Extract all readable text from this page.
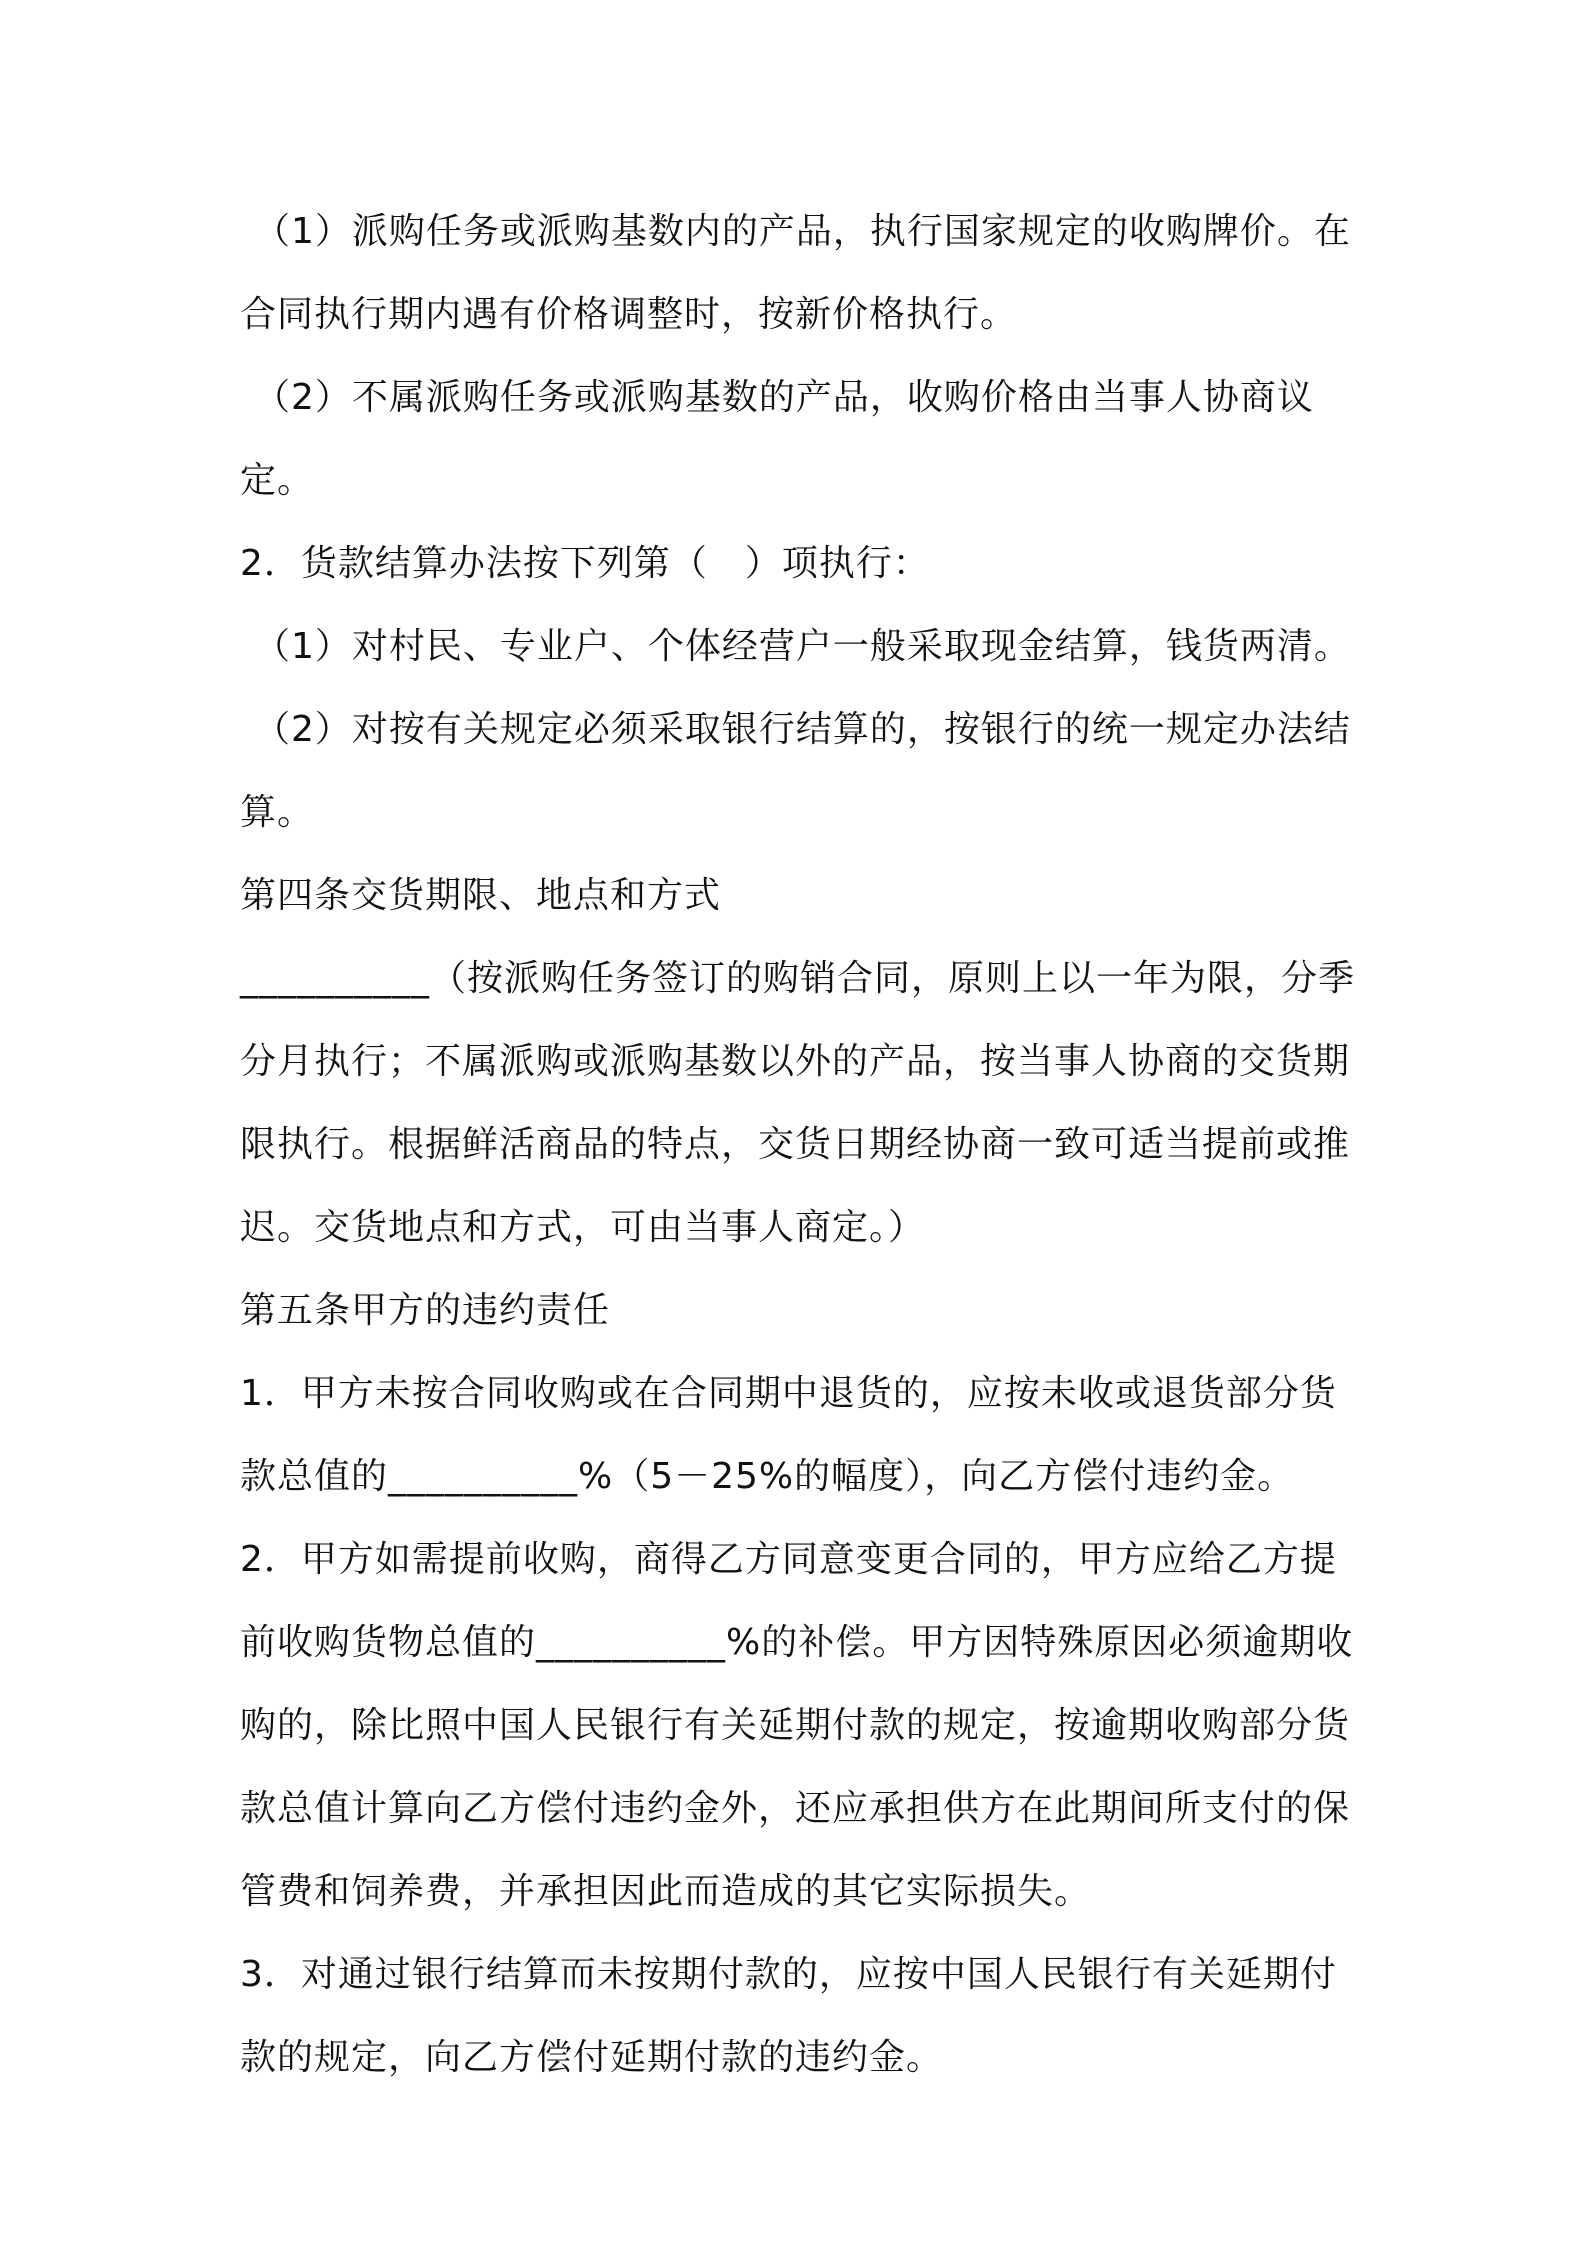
（1）派购任务或派购基数内的产品，执行国家规定的收购牌价。在合同执行期内遇有价格调整时，按新价格执行。

（2）不属派购任务或派购基数的产品，收购价格由当事人协商议定。

2．货款结算办法按下列第（　）项执行：

（1）对村民、专业户、个体经营户一般采取现金结算，钱货两清。

（2）对按有关规定必须采取银行结算的，按银行的统一规定办法结算。

第四条交货期限、地点和方式

__________（按派购任务签订的购销合同，原则上以一年为限，分季分月执行；不属派购或派购基数以外的产品，按当事人协商的交货期限执行。根据鲜活商品的特点，交货日期经协商一致可适当提前或推迟。交货地点和方式，可由当事人商定。）

第五条甲方的违约责任

1．甲方未按合同收购或在合同期中退货的，应按未收或退货部分货款总值的__________%（5－25%的幅度），向乙方偿付违约金。

2．甲方如需提前收购，商得乙方同意变更合同的，甲方应给乙方提前收购货物总值的__________%的补偿。甲方因特殊原因必须逾期收购的，除比照中国人民银行有关延期付款的规定，按逾期收购部分货款总值计算向乙方偿付违约金外，还应承担供方在此期间所支付的保管费和饲养费，并承担因此而造成的其它实际损失。

3．对通过银行结算而未按期付款的，应按中国人民银行有关延期付款的规定，向乙方偿付延期付款的违约金。
